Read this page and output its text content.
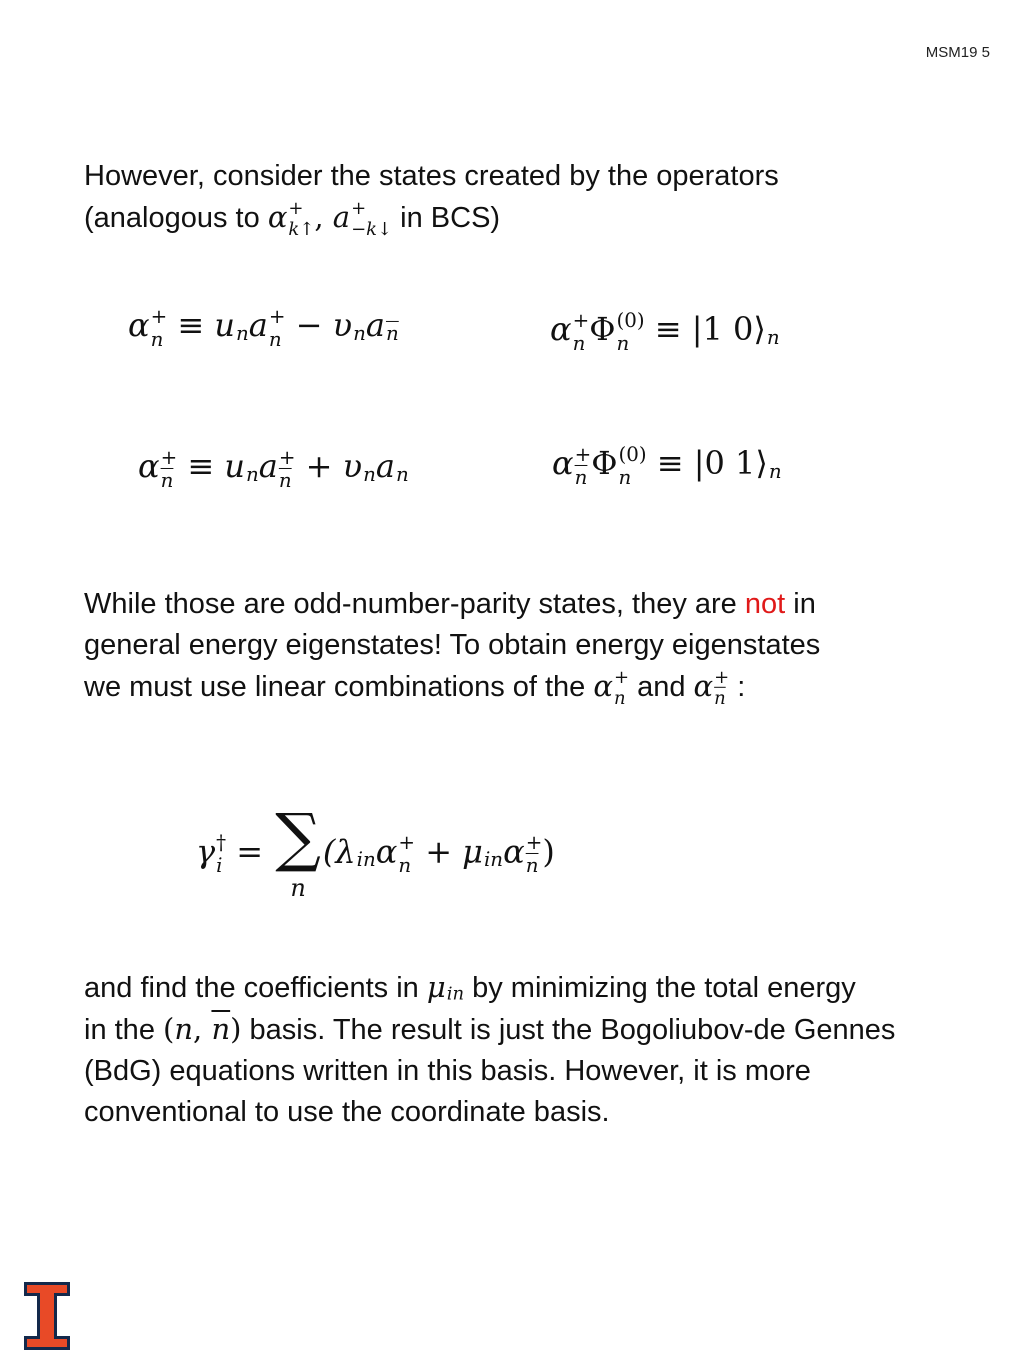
MSM19 5

However, consider the states created by the operators

(analogous to α +
k↑ , a +
−k↓ in BCS)

α +
n ≡ u n a +
n − υ n a $\overline{n}$	α +
n Φ (0)
n ≡ |1 0⟩ n
α +
$\overline{n} \equiv u$ n a +
$\overline{n} + \upsilon$ n a n	α +
$\overline{n}$ Φ (0)
n ≡ |0 1⟩ n

While those are odd-number-parity states, they are not in

general energy eigenstates! To obtain energy eigenstates

we must use linear combinations of the α +
n and α +
$\overline{n}$ :

γ †
i = ∑
n
(λ in α +
n + μ in α +
$\overline{n}$ )

and find the coefficients in μ in by minimizing the total energy

in the (n, $\overline{n}$) basis. The result is just the Bogoliubov-de Gennes

(BdG) equations written in this basis. However, it is more

conventional to use the coordinate basis.
